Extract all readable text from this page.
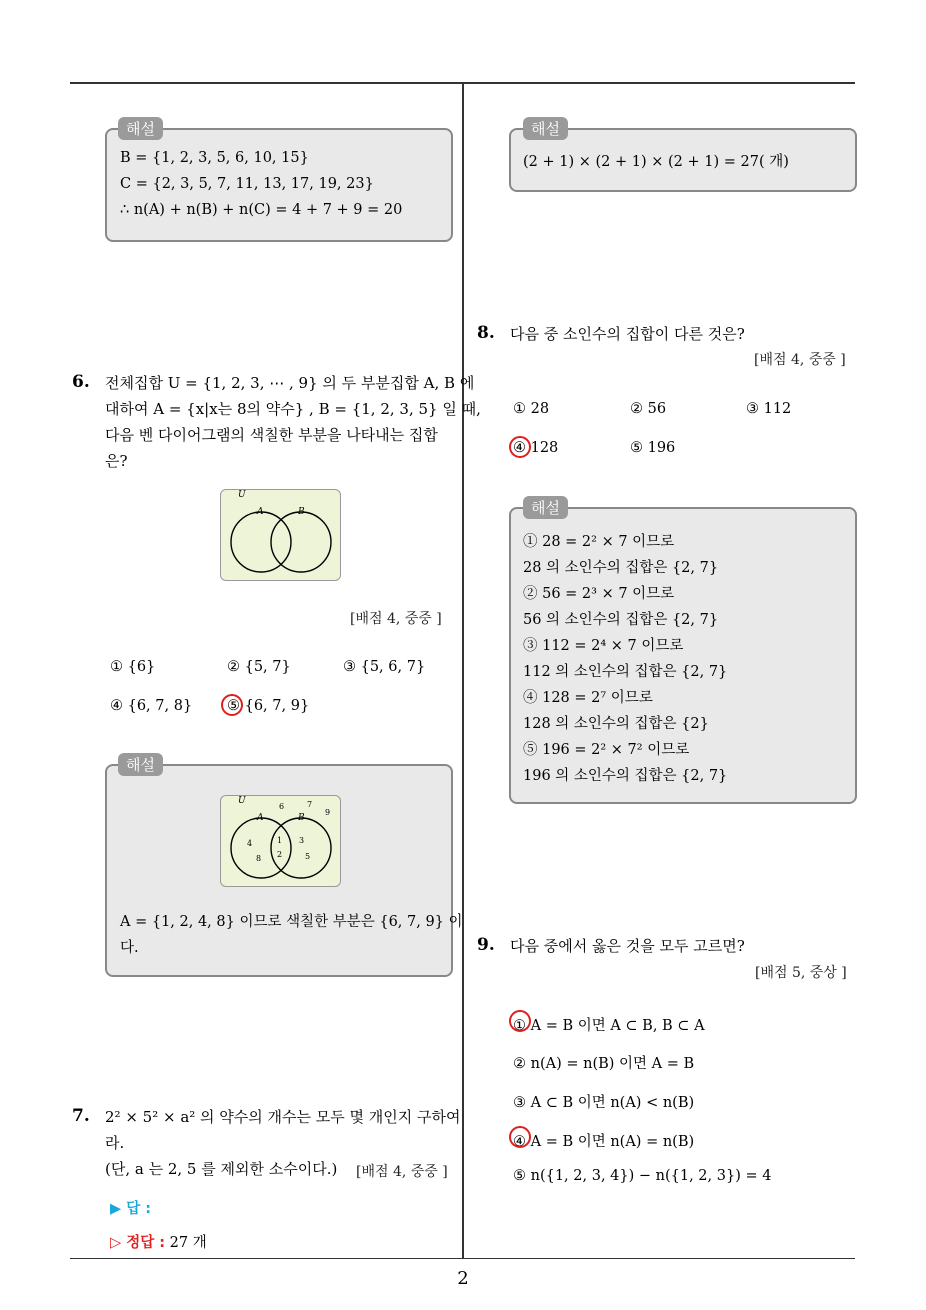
2
해설
B = {1, 2, 3, 5, 6, 10, 15}
C = {2, 3, 5, 7, 11, 13, 17, 19, 23}
∴ n(A) + n(B) + n(C) = 4 + 7 + 9 = 20
6. 전체집합 U = {1, 2, 3, ⋯ , 9} 의 두 부분집합 A, B 에
대하여 A = {x|x는 8의 약수} , B = {1, 2, 3, 5} 일 때,
다음 벤 다이어그램의 색칠한 부분을 나타내는 집합
은?
U
A	B
[배점 4, 중중 ]
① {6}	② {5, 7}	③ {5, 6, 7}
④ {6, 7, 8} ⑤ {6, 7, 9}
해설
U
A	B
6	7
9
4
8
1
2
3
5
A = {1, 2, 4, 8} 이므로 색칠한 부분은 {6, 7, 9} 이
다.
7. 2² × 5² × a² 의 약수의 개수는 모두 몇 개인지 구하여
라.
(단, a 는 2, 5 를 제외한 소수이다.) [배점 4, 중중 ]
▶ 답 :
▷ 정답 : 27 개
해설
(2 + 1) × (2 + 1) × (2 + 1) = 27( 개)
8. 다음 중 소인수의 집합이 다른 것은?
[배점 4, 중중 ]
① 28	② 56	③ 112
④ 128	⑤ 196
해설
① 28 = 2² × 7 이므로
28 의 소인수의 집합은 {2, 7}
② 56 = 2³ × 7 이므로
56 의 소인수의 집합은 {2, 7}
③ 112 = 2⁴ × 7 이므로
112 의 소인수의 집합은 {2, 7}
④ 128 = 2⁷ 이므로
128 의 소인수의 집합은 {2}
⑤ 196 = 2² × 7² 이므로
196 의 소인수의 집합은 {2, 7}
9. 다음 중에서 옳은 것을 모두 고르면?
[배점 5, 중상 ]
① A = B 이면 A ⊂ B, B ⊂ A
② n(A) = n(B) 이면 A = B
③ A ⊂ B 이면 n(A) < n(B)
④ A = B 이면 n(A) = n(B)
⑤ n({1, 2, 3, 4}) − n({1, 2, 3}) = 4
